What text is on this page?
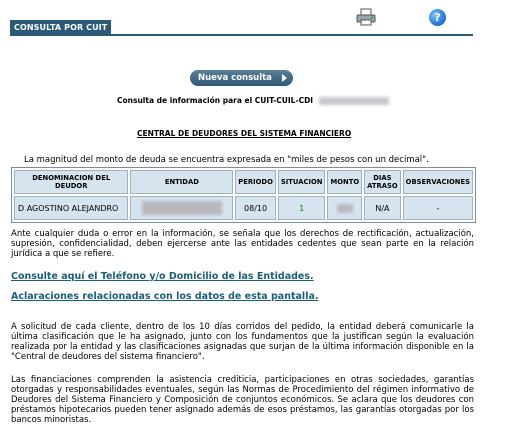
CONSULTA POR CUIT
?
Nueva consulta
Consulta de información para el CUIT-CUIL-CDI
CENTRAL DE DEUDORES DEL SISTEMA FINANCIERO
La magnitud del monto de deuda se encuentra expresada en "miles de pesos con un decimal".
DENOMINACION DEL DEUDOR	ENTIDAD	PERIODO	SITUACION	MONTO	DIAS ATRASO	OBSERVACIONES
D AGOSTINO ALEJANDRO		08/10	1		N/A	-
Ante cualquier duda o error en la información, se señala que los derechos de rectificación, actualización, supresión, confidencialidad, deben ejercerse ante las entidades cedentes que sean parte en la relación jurídica a que se refiere.
Consulte aquí el Teléfono y/o Domicilio de las Entidades.
Aclaraciones relacionadas con los datos de esta pantalla.
A solicitud de cada cliente, dentro de los 10 días corridos del pedido, la entidad deberá comunicarle la última clasificación que le ha asignado, junto con los fundamentos que la justifican según la evaluación realizada por la entidad y las clasificaciones asignadas que surjan de la última información disponible en la "Central de deudores del sistema financiero".
Las financiaciones comprenden la asistencia crediticia, participaciones en otras sociedades, garantías otorgadas y responsabilidades eventuales, según las Normas de Procedimiento del régimen informativo de Deudores del Sistema Financiero y Composición de conjuntos económicos. Se aclara que los deudores con préstamos hipotecarios pueden tener asignado además de esos préstamos, las garantías otorgadas por los bancos minoristas.
